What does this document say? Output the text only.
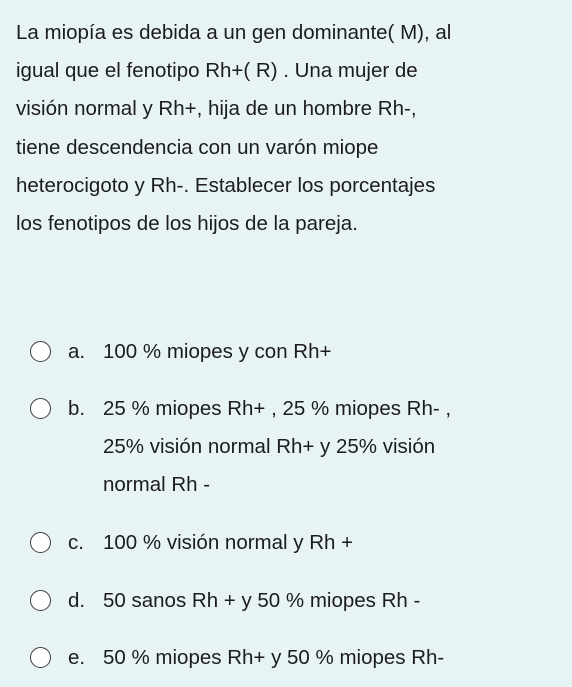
La miopía es debida a un gen dominante( M), al
igual que el fenotipo Rh+( R) . Una mujer de
visión normal y Rh+, hija de un hombre Rh-,
tiene descendencia con un varón miope
heterocigoto y Rh-. Establecer los porcentajes
los fenotipos de los hijos de la pareja.
a. 100 % miopes y con Rh+
b. 25 % miopes Rh+ , 25 % miopes Rh- ,
25% visión normal Rh+ y 25% visión
normal Rh -
c. 100 % visión normal y Rh +
d. 50 sanos Rh + y 50 % miopes Rh -
e. 50 % miopes Rh+ y 50 % miopes Rh-
